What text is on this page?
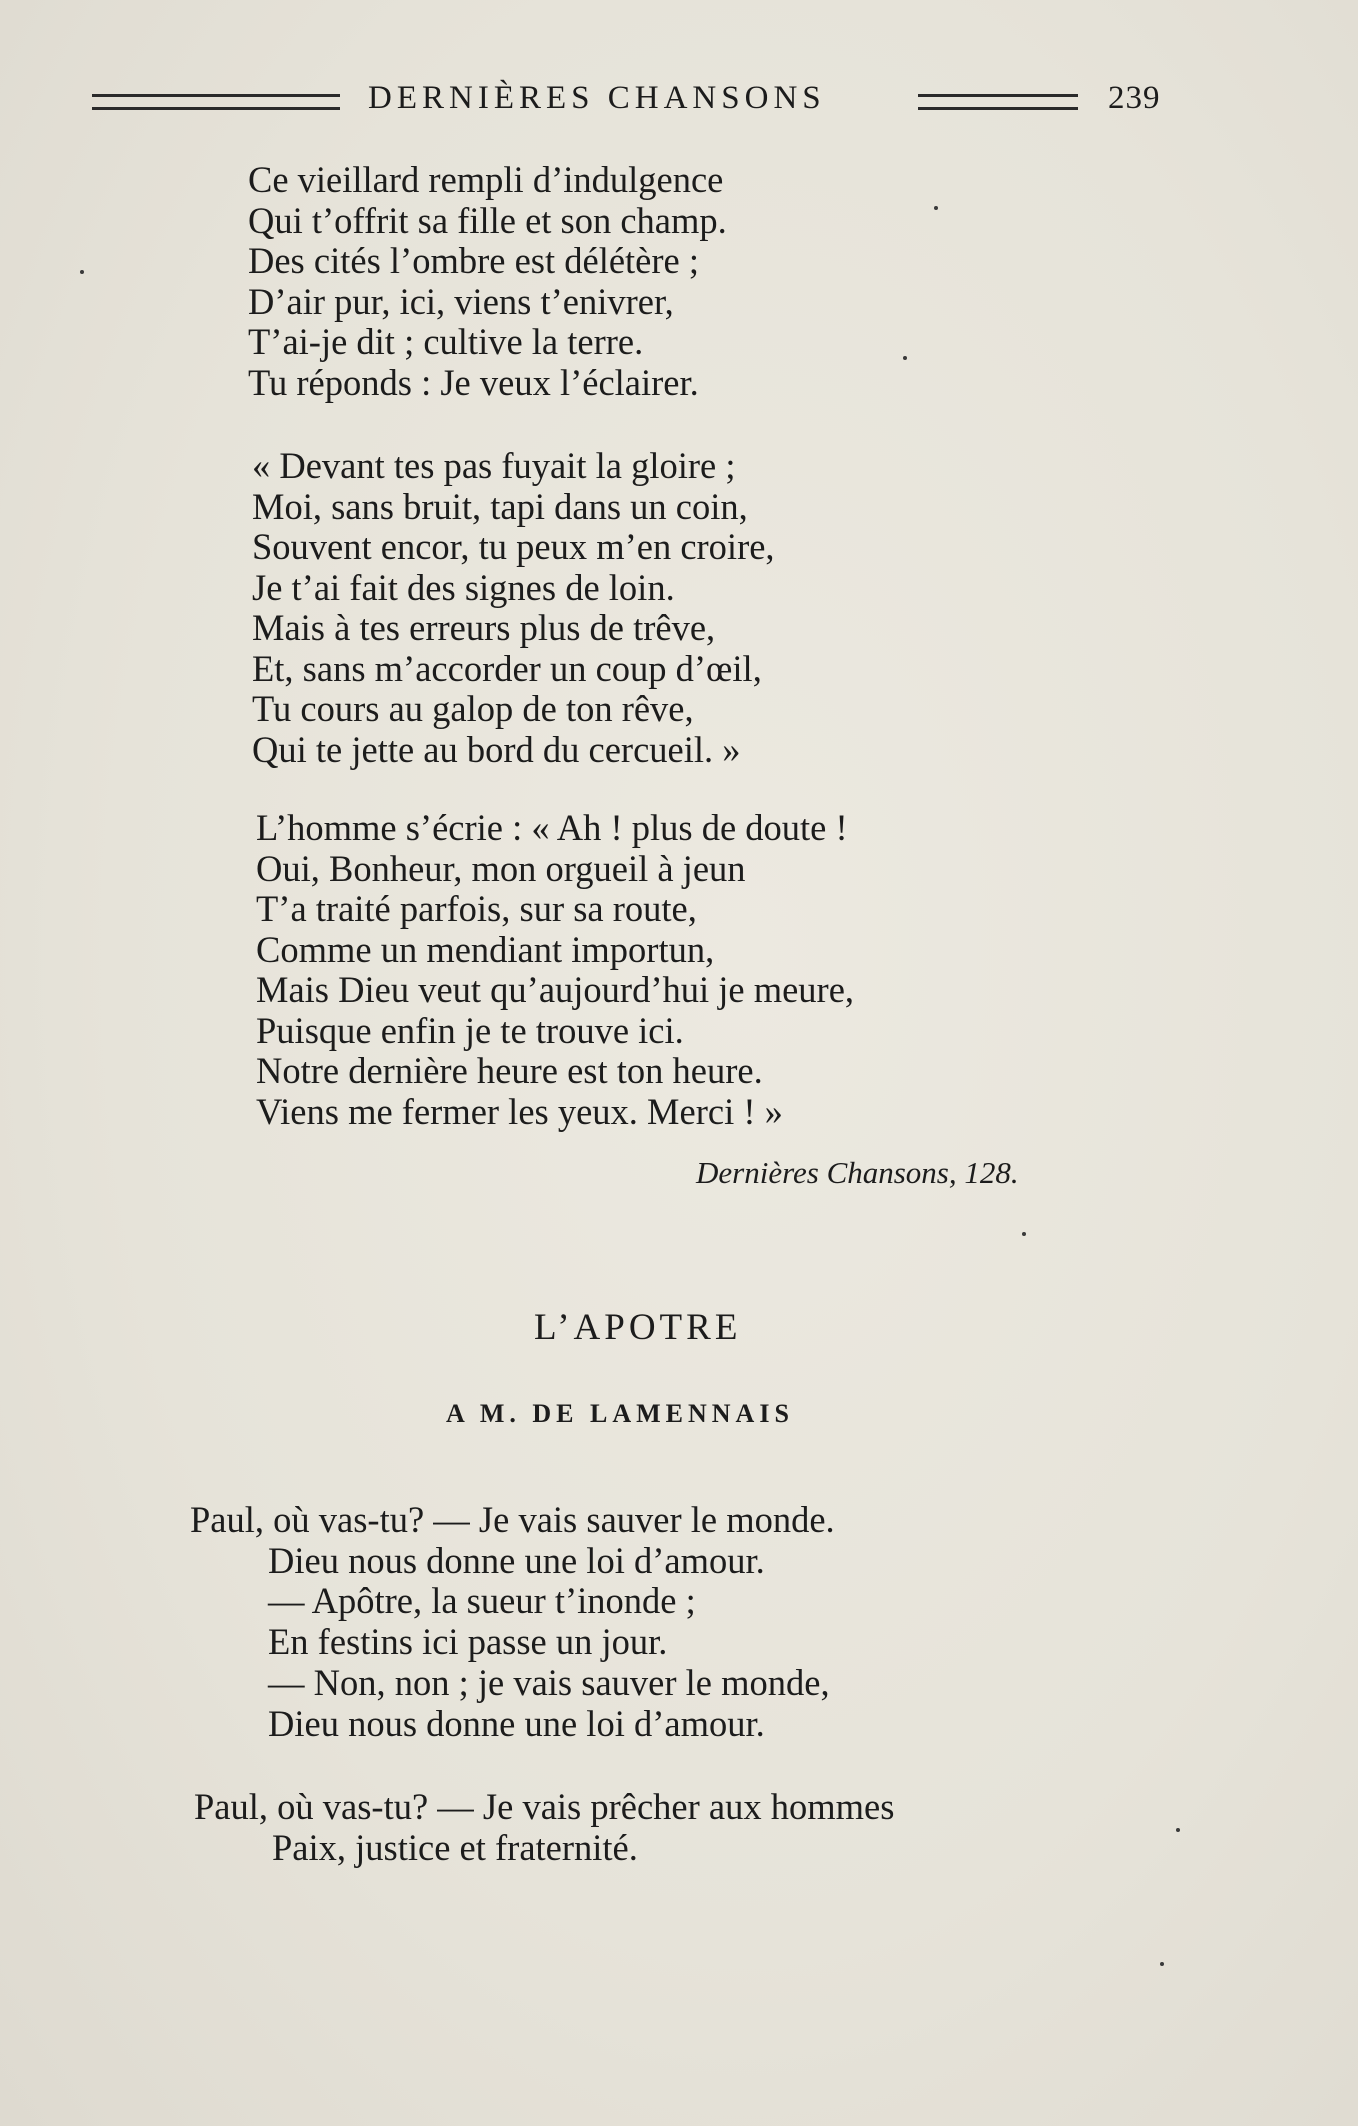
DERNIÈRES CHANSONS	239
Ce vieillard rempli d’indulgence
Qui t’offrit sa fille et son champ.
Des cités l’ombre est délétère ;
D’air pur, ici, viens t’enivrer,
T’ai-je dit ; cultive la terre.
Tu réponds : Je veux l’éclairer.
« Devant tes pas fuyait la gloire ;
Moi, sans bruit, tapi dans un coin,
Souvent encor, tu peux m’en croire,
Je t’ai fait des signes de loin.
Mais à tes erreurs plus de trêve,
Et, sans m’accorder un coup d’œil,
Tu cours au galop de ton rêve,
Qui te jette au bord du cercueil. »
L’homme s’écrie : « Ah ! plus de doute !
Oui, Bonheur, mon orgueil à jeun
T’a traité parfois, sur sa route,
Comme un mendiant importun,
Mais Dieu veut qu’aujourd’hui je meure,
Puisque enfin je te trouve ici.
Notre dernière heure est ton heure.
Viens me fermer les yeux. Merci ! »
Dernières Chansons, 128.
L’APOTRE
A M. DE LAMENNAIS
Paul, où vas-tu? — Je vais sauver le monde.
Dieu nous donne une loi d’amour.
— Apôtre, la sueur t’inonde ;
En festins ici passe un jour.
— Non, non ; je vais sauver le monde,
Dieu nous donne une loi d’amour.
Paul, où vas-tu? — Je vais prêcher aux hommes
Paix, justice et fraternité.
